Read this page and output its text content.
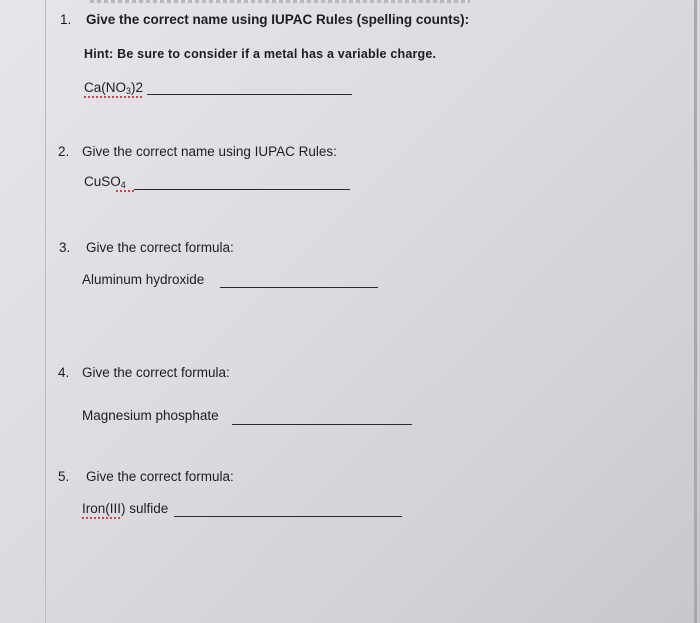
1. Give the correct name using IUPAC Rules (spelling counts):
Hint: Be sure to consider if a metal has a variable charge.
$Ca(NO_3)2$
2. Give the correct name using IUPAC Rules:
CuSO$_4$
3. Give the correct formula:
Aluminum hydroxide
4. Give the correct formula:
Magnesium phosphate
5. Give the correct formula:
Iron(III) sulfide
